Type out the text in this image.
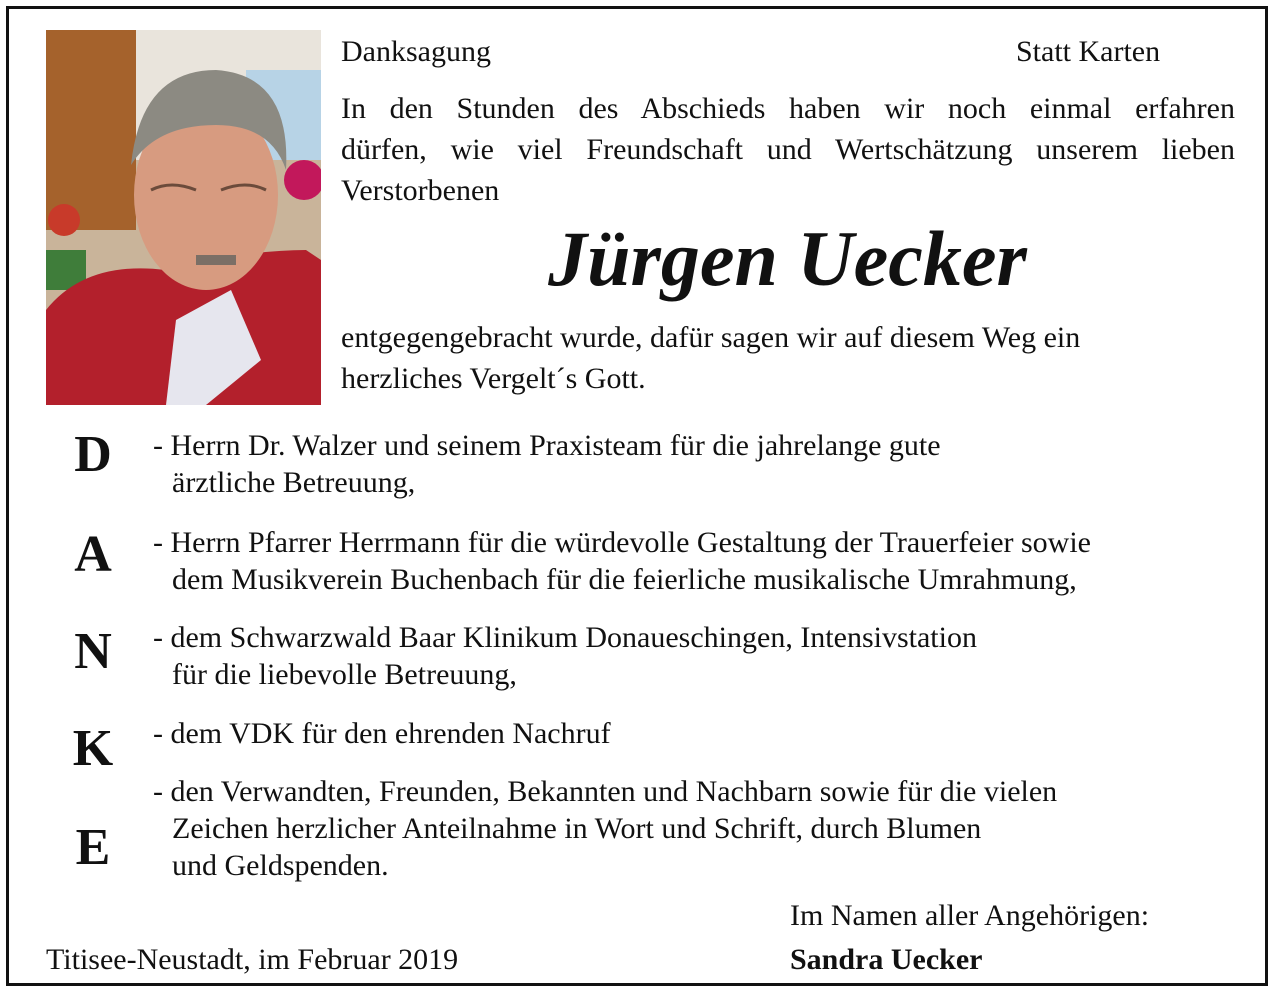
Danksagung	Statt Karten
In den Stunden des Abschieds haben wir noch einmal erfahren
dürfen, wie viel Freundschaft und Wertschätzung unserem lieben
Verstorbenen
Jürgen Uecker
entgegengebracht wurde, dafür sagen wir auf diesem Weg ein
herzliches Vergelt´s Gott.
D
A
N
K
E
- Herrn Dr. Walzer und seinem Praxisteam für die jahrelange gute
ärztliche Betreuung,
- Herrn Pfarrer Herrmann für die würdevolle Gestaltung der Trauerfeier sowie
dem Musikverein Buchenbach für die feierliche musikalische Umrahmung,
- dem Schwarzwald Baar Klinikum Donaueschingen, Intensivstation
für die liebevolle Betreuung,
- dem VDK für den ehrenden Nachruf
- den Verwandten, Freunden, Bekannten und Nachbarn sowie für die vielen
Zeichen herzlicher Anteilnahme in Wort und Schrift, durch Blumen
und Geldspenden.
Im Namen aller Angehörigen:
Titisee-Neustadt, im Februar 2019	Sandra Uecker
